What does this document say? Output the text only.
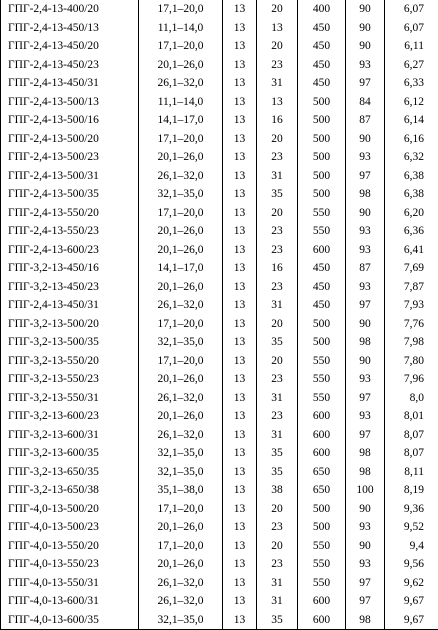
ГПГ-2,4-13-400/20	17,1–20,0	13	20	400	90	6,07
ГПГ-2,4-13-450/13	11,1–14,0	13	13	450	90	6,07
ГПГ-2,4-13-450/20	17,1–20,0	13	20	450	90	6,11
ГПГ-2,4-13-450/23	20,1–26,0	13	23	450	93	6,27
ГПГ-2,4-13-450/31	26,1–32,0	13	31	450	97	6,33
ГПГ-2,4-13-500/13	11,1–14,0	13	13	500	84	6,12
ГПГ-2,4-13-500/16	14,1–17,0	13	16	500	87	6,14
ГПГ-2,4-13-500/20	17,1–20,0	13	20	500	90	6,16
ГПГ-2,4-13-500/23	20,1–26,0	13	23	500	93	6,32
ГПГ-2,4-13-500/31	26,1–32,0	13	31	500	97	6,38
ГПГ-2,4-13-500/35	32,1–35,0	13	35	500	98	6,38
ГПГ-2,4-13-550/20	17,1–20,0	13	20	550	90	6,20
ГПГ-2,4-13-550/23	20,1–26,0	13	23	550	93	6,36
ГПГ-2,4-13-600/23	20,1–26,0	13	23	600	93	6,41
ГПГ-3,2-13-450/16	14,1–17,0	13	16	450	87	7,69
ГПГ-3,2-13-450/23	20,1–26,0	13	23	450	93	7,87
ГПГ-2,4-13-450/31	26,1–32,0	13	31	450	97	7,93
ГПГ-3,2-13-500/20	17,1–20,0	13	20	500	90	7,76
ГПГ-3,2-13-500/35	32,1–35,0	13	35	500	98	7,98
ГПГ-3,2-13-550/20	17,1–20,0	13	20	550	90	7,80
ГПГ-3,2-13-550/23	20,1–26,0	13	23	550	93	7,96
ГПГ-3,2-13-550/31	26,1–32,0	13	31	550	97	8,0
ГПГ-3,2-13-600/23	20,1–26,0	13	23	600	93	8,01
ГПГ-3,2-13-600/31	26,1–32,0	13	31	600	97	8,07
ГПГ-3,2-13-600/35	32,1–35,0	13	35	600	98	8,07
ГПГ-3,2-13-650/35	32,1–35,0	13	35	650	98	8,11
ГПГ-3,2-13-650/38	35,1–38,0	13	38	650	100	8,19
ГПГ-4,0-13-500/20	17,1–20,0	13	20	500	90	9,36
ГПГ-4,0-13-500/23	20,1–26,0	13	23	500	93	9,52
ГПГ-4,0-13-550/20	17,1–20,0	13	20	550	90	9,4
ГПГ-4,0-13-550/23	20,1–26,0	13	23	550	93	9,56
ГПГ-4,0-13-550/31	26,1–32,0	13	31	550	97	9,62
ГПГ-4,0-13-600/31	26,1–32,0	13	31	600	97	9,67
ГПГ-4,0-13-600/35	32,1–35,0	13	35	600	98	9,67
